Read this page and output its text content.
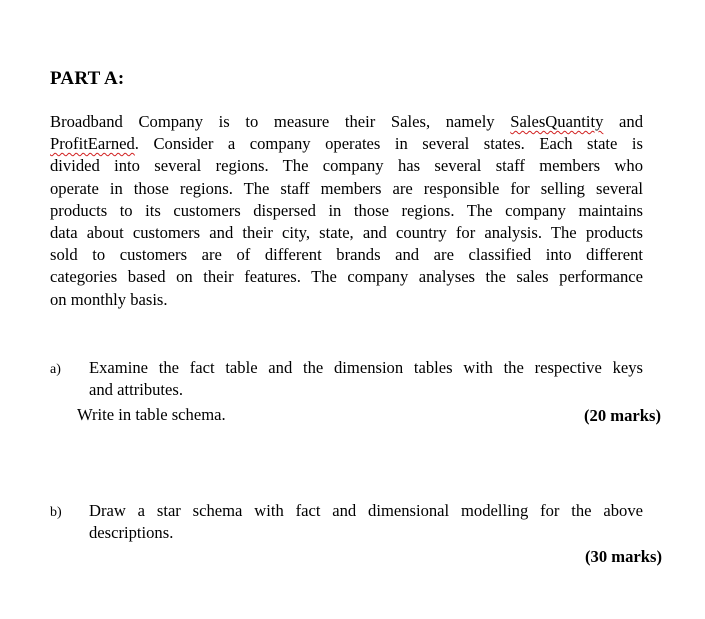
PART A:
Broadband Company is to measure their Sales, namely SalesQuantity and
ProfitEarned. Consider a company operates in several states. Each state is
divided into several regions. The company has several staff members who
operate in those regions. The staff members are responsible for selling several
products to its customers dispersed in those regions. The company maintains
data about customers and their city, state, and country for analysis. The products
sold to customers are of different brands and are classified into different
categories based on their features. The company analyses the sales performance
on monthly basis.
a) Examine the fact table and the dimension tables with the respective keys
and attributes.
Write in table schema.	(20 marks)
b) Draw a star schema with fact and dimensional modelling for the above
descriptions.
(30 marks)
